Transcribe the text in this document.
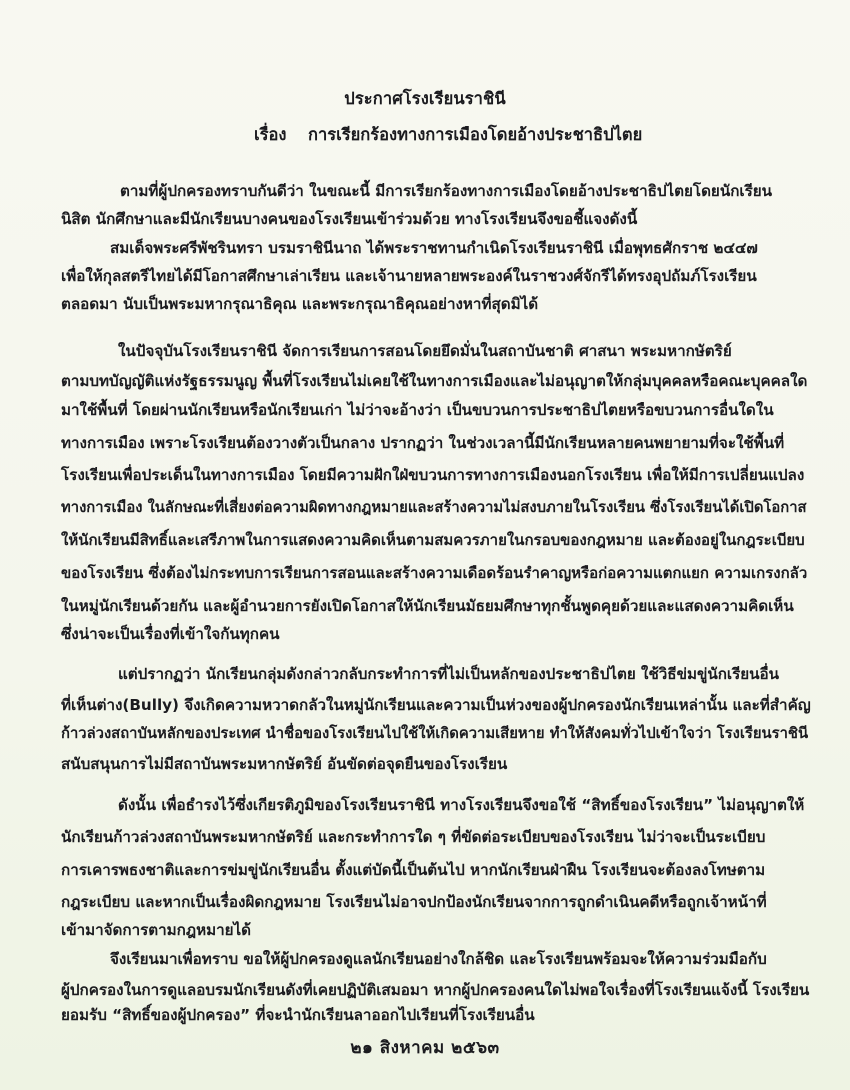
ประกาศโรงเรียนราชินี
เรื่อง การเรียกร้องทางการเมืองโดยอ้างประชาธิปไตย
ตามที่ผู้ปกครองทราบกันดีว่า ในขณะนี้ มีการเรียกร้องทางการเมืองโดยอ้างประชาธิปไตยโดยนักเรียน
นิสิต นักศึกษาและมีนักเรียนบางคนของโรงเรียนเข้าร่วมด้วย ทางโรงเรียนจึงขอชี้แจงดังนี้
สมเด็จพระศรีพัชรินทรา บรมราชินีนาถ ได้พระราชทานกำเนิดโรงเรียนราชินี เมื่อพุทธศักราช ๒๔๔๗
เพื่อให้กุลสตรีไทยได้มีโอกาสศึกษาเล่าเรียน และเจ้านายหลายพระองค์ในราชวงศ์จักรีได้ทรงอุปถัมภ์โรงเรียน
ตลอดมา นับเป็นพระมหากรุณาธิคุณ และพระกรุณาธิคุณอย่างหาที่สุดมิได้
ในปัจจุบันโรงเรียนราชินี จัดการเรียนการสอนโดยยึดมั่นในสถาบันชาติ ศาสนา พระมหากษัตริย์
ตามบทบัญญัติแห่งรัฐธรรมนูญ พื้นที่โรงเรียนไม่เคยใช้ในทางการเมืองและไม่อนุญาตให้กลุ่มบุคคลหรือคณะบุคคลใด
มาใช้พื้นที่ โดยผ่านนักเรียนหรือนักเรียนเก่า ไม่ว่าจะอ้างว่า เป็นขบวนการประชาธิปไตยหรือขบวนการอื่นใดใน
ทางการเมือง เพราะโรงเรียนต้องวางตัวเป็นกลาง ปรากฏว่า ในช่วงเวลานี้มีนักเรียนหลายคนพยายามที่จะใช้พื้นที่
โรงเรียนเพื่อประเด็นในทางการเมือง โดยมีความฝักใฝ่ขบวนการทางการเมืองนอกโรงเรียน เพื่อให้มีการเปลี่ยนแปลง
ทางการเมือง ในลักษณะที่เสี่ยงต่อความผิดทางกฎหมายและสร้างความไม่สงบภายในโรงเรียน ซึ่งโรงเรียนได้เปิดโอกาส
ให้นักเรียนมีสิทธิ์และเสรีภาพในการแสดงความคิดเห็นตามสมควรภายในกรอบของกฎหมาย และต้องอยู่ในกฎระเบียบ
ของโรงเรียน ซึ่งต้องไม่กระทบการเรียนการสอนและสร้างความเดือดร้อนรำคาญหรือก่อความแตกแยก ความเกรงกลัว
ในหมู่นักเรียนด้วยกัน และผู้อำนวยการยังเปิดโอกาสให้นักเรียนมัธยมศึกษาทุกชั้นพูดคุยด้วยและแสดงความคิดเห็น
ซึ่งน่าจะเป็นเรื่องที่เข้าใจกันทุกคน
แต่ปรากฏว่า นักเรียนกลุ่มดังกล่าวกลับกระทำการที่ไม่เป็นหลักของประชาธิปไตย ใช้วิธีข่มขู่นักเรียนอื่น
ที่เห็นต่าง(Bully) จึงเกิดความหวาดกลัวในหมู่นักเรียนและความเป็นห่วงของผู้ปกครองนักเรียนเหล่านั้น และที่สำคัญ
ก้าวล่วงสถาบันหลักของประเทศ นำชื่อของโรงเรียนไปใช้ให้เกิดความเสียหาย ทำให้สังคมทั่วไปเข้าใจว่า โรงเรียนราชินี
สนับสนุนการไม่มีสถาบันพระมหากษัตริย์ อันขัดต่อจุดยืนของโรงเรียน
ดังนั้น เพื่อธำรงไว้ซึ่งเกียรติภูมิของโรงเรียนราชินี ทางโรงเรียนจึงขอใช้ “สิทธิ์ของโรงเรียน” ไม่อนุญาตให้
นักเรียนก้าวล่วงสถาบันพระมหากษัตริย์ และกระทำการใด ๆ ที่ขัดต่อระเบียบของโรงเรียน ไม่ว่าจะเป็นระเบียบ
การเคารพธงชาติและการข่มขู่นักเรียนอื่น ตั้งแต่บัดนี้เป็นต้นไป หากนักเรียนฝ่าฝืน โรงเรียนจะต้องลงโทษตาม
กฎระเบียบ และหากเป็นเรื่องผิดกฎหมาย โรงเรียนไม่อาจปกป้องนักเรียนจากการถูกดำเนินคดีหรือถูกเจ้าหน้าที่
เข้ามาจัดการตามกฎหมายได้
จึงเรียนมาเพื่อทราบ ขอให้ผู้ปกครองดูแลนักเรียนอย่างใกล้ชิด และโรงเรียนพร้อมจะให้ความร่วมมือกับ
ผู้ปกครองในการดูแลอบรมนักเรียนดังที่เคยปฏิบัติเสมอมา หากผู้ปกครองคนใดไม่พอใจเรื่องที่โรงเรียนแจ้งนี้ โรงเรียน
ยอมรับ “สิทธิ์ของผู้ปกครอง” ที่จะนำนักเรียนลาออกไปเรียนที่โรงเรียนอื่น
๒๑ สิงหาคม ๒๕๖๓
